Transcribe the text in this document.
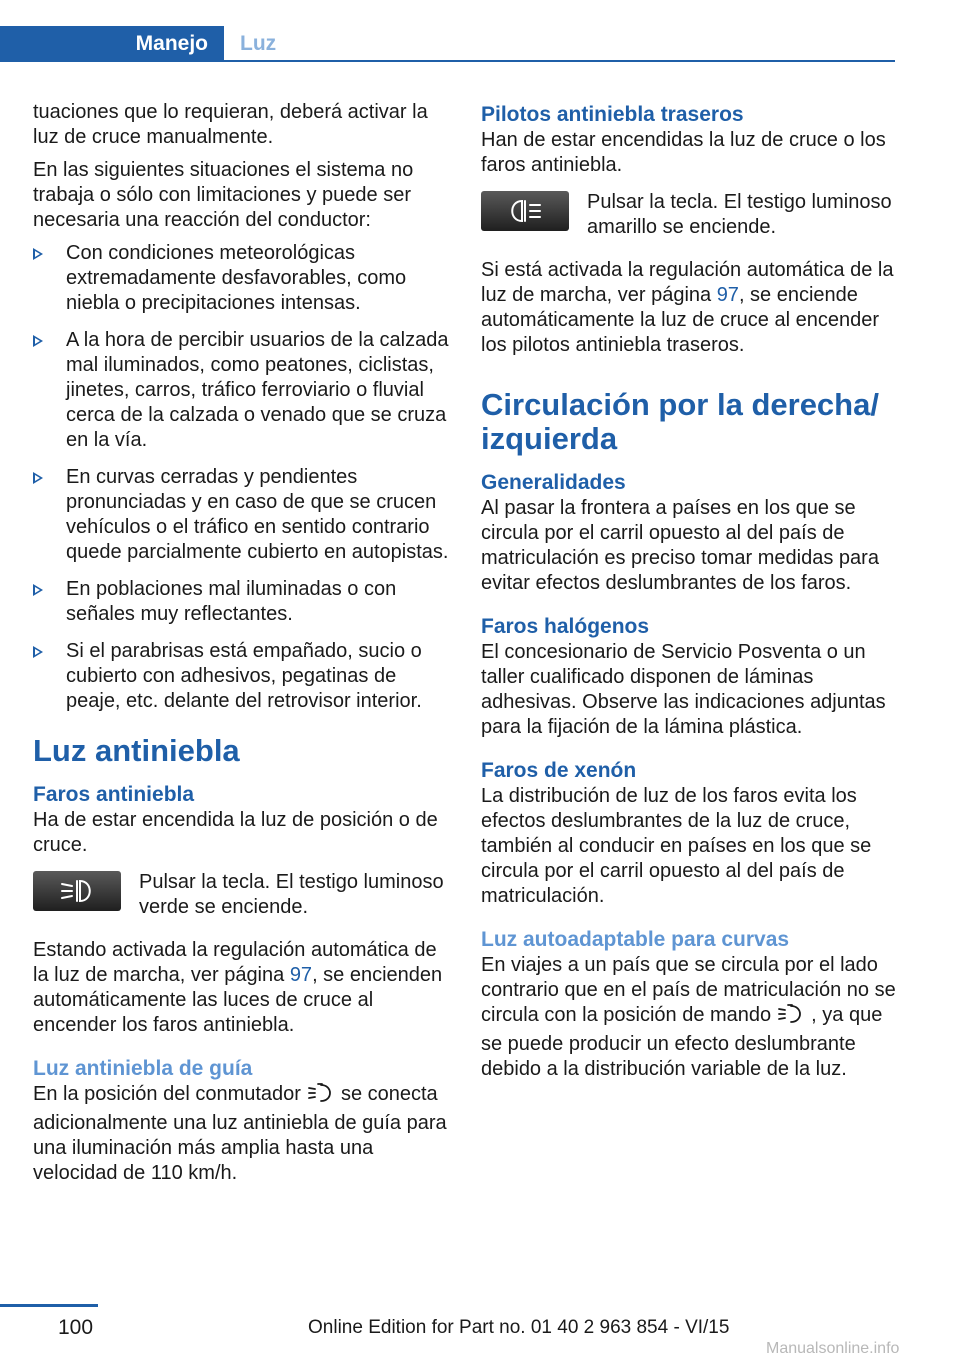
Manejo	Luz

tuaciones que lo requieran, deberá activar la luz de cruce manualmente.

En las siguientes situaciones el sistema no trabaja o sólo con limitaciones y puede ser necesaria una reacción del conductor:

Con condiciones meteorológicas extremadamente desfavorables, como niebla o precipitaciones intensas.
A la hora de percibir usuarios de la calzada mal iluminados, como peatones, ciclistas, jinetes, carros, tráfico ferroviario o fluvial cerca de la calzada o venado que se cruza en la vía.
En curvas cerradas y pendientes pronunciadas y en caso de que se crucen vehículos o el tráfico en sentido contrario quede parcialmente cubierto en autopistas.
En poblaciones mal iluminadas o con señales muy reflectantes.
Si el parabrisas está empañado, sucio o cubierto con adhesivos, pegatinas de peaje, etc. delante del retrovisor interior.
Luz antiniebla
Faros antiniebla

Ha de estar encendida la luz de posición o de cruce.

Pulsar la tecla. El testigo luminoso verde se enciende.

Estando activada la regulación automática de la luz de marcha, ver página 97, se encienden automáticamente las luces de cruce al encender los faros antiniebla.

Luz antiniebla de guía

En la posición del conmutador se conecta adicionalmente una luz antiniebla de guía para una iluminación más amplia hasta una velocidad de 110 km/h.

Pilotos antiniebla traseros

Han de estar encendidas la luz de cruce o los faros antiniebla.

Pulsar la tecla. El testigo luminoso amarillo se enciende.

Si está activada la regulación automática de la luz de marcha, ver página 97, se enciende automáticamente la luz de cruce al encender los pilotos antiniebla traseros.

Circulación por la derecha/ izquierda
Generalidades

Al pasar la frontera a países en los que se circula por el carril opuesto al del país de matriculación es preciso tomar medidas para evitar efectos deslumbrantes de los faros.

Faros halógenos

El concesionario de Servicio Posventa o un taller cualificado disponen de láminas adhesivas. Observe las indicaciones adjuntas para la fijación de la lámina plástica.

Faros de xenón

La distribución de luz de los faros evita los efectos deslumbrantes de la luz de cruce, también al conducir en países en los que se circula por el carril opuesto al del país de matriculación.

Luz autoadaptable para curvas

En viajes a un país que se circula por el lado contrario que en el país de matriculación no se circula con la posición de mando , ya que se puede producir un efecto deslumbrante debido a la distribución variable de la luz.

100	Online Edition for Part no. 01 40 2 963 854 - VI/15
Manualsonline.info
